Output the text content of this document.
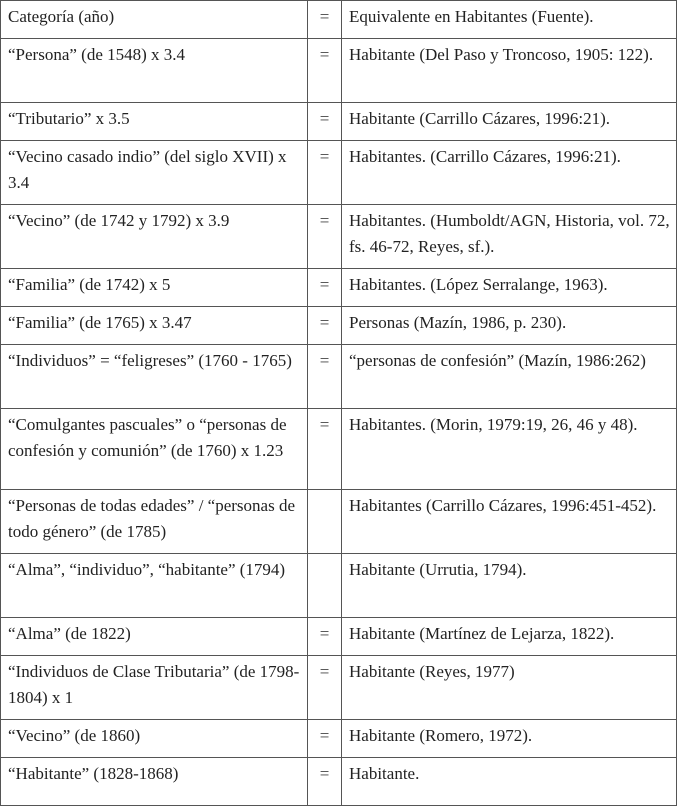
Categoría (año)	=	Equivalente en Habitantes (Fuente).
“Persona” (de 1548) x 3.4	=	Habitante (Del Paso y Troncoso, 1905: 122).
“Tributario” x 3.5	=	Habitante (Carrillo Cázares, 1996:21).
“Vecino casado indio” (del siglo XVII) x 3.4	=	Habitantes. (Carrillo Cázares, 1996:21).
“Vecino” (de 1742 y 1792) x 3.9	=	Habitantes. (Humboldt/AGN, Historia, vol. 72, fs. 46-72, Reyes, sf.).
“Familia” (de 1742) x 5	=	Habitantes. (López Serralange, 1963).
“Familia” (de 1765) x 3.47	=	Personas (Mazín, 1986, p. 230).
“Individuos” = “feligreses” (1760 - 1765)	=	“personas de confesión” (Mazín, 1986:262)
“Comulgantes pascuales” o “personas de confesión y comunión” (de 1760) x 1.23	=	Habitantes. (Morin, 1979:19, 26, 46 y 48).
“Personas de todas edades” / “personas de todo género” (de 1785)		Habitantes (Carrillo Cázares, 1996:451-452).
“Alma”, “individuo”, “habitante” (1794)		Habitante (Urrutia, 1794).
“Alma” (de 1822)	=	Habitante (Martínez de Lejarza, 1822).
“Individuos de Clase Tributaria” (de 1798-1804) x 1	=	Habitante (Reyes, 1977)
“Vecino” (de 1860)	=	Habitante (Romero, 1972).
“Habitante” (1828-1868)	=	Habitante.
